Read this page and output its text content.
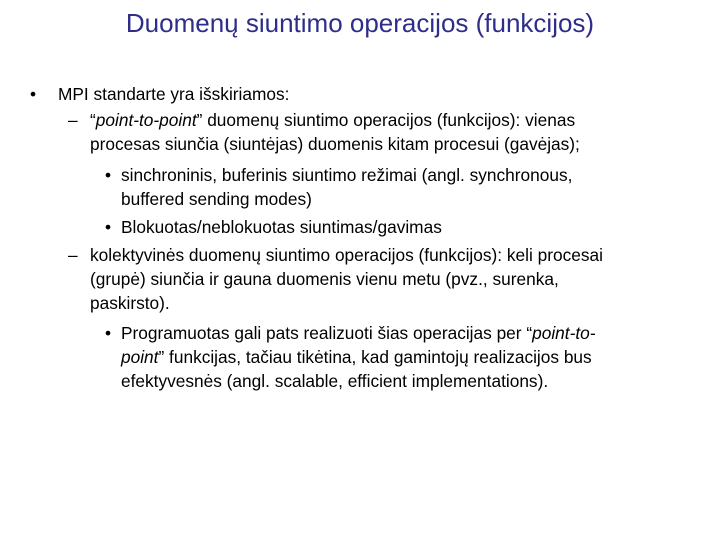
Duomenų siuntimo operacijos (funkcijos)
• MPI standarte yra išskiriamos:
– “point-to-point” duomenų siuntimo operacijos (funkcijos): vienas
procesas siunčia (siuntėjas) duomenis kitam procesui (gavėjas);
• sinchroninis, buferinis siuntimo režimai (angl. synchronous,
buffered sending modes)
• Blokuotas/neblokuotas siuntimas/gavimas
– kolektyvinės duomenų siuntimo operacijos (funkcijos): keli procesai
(grupė) siunčia ir gauna duomenis vienu metu (pvz., surenka,
paskirsto).
• Programuotas gali pats realizuoti šias operacijas per “point-to-
point” funkcijas, tačiau tikėtina, kad gamintojų realizacijos bus
efektyvesnės (angl. scalable, efficient implementations).
